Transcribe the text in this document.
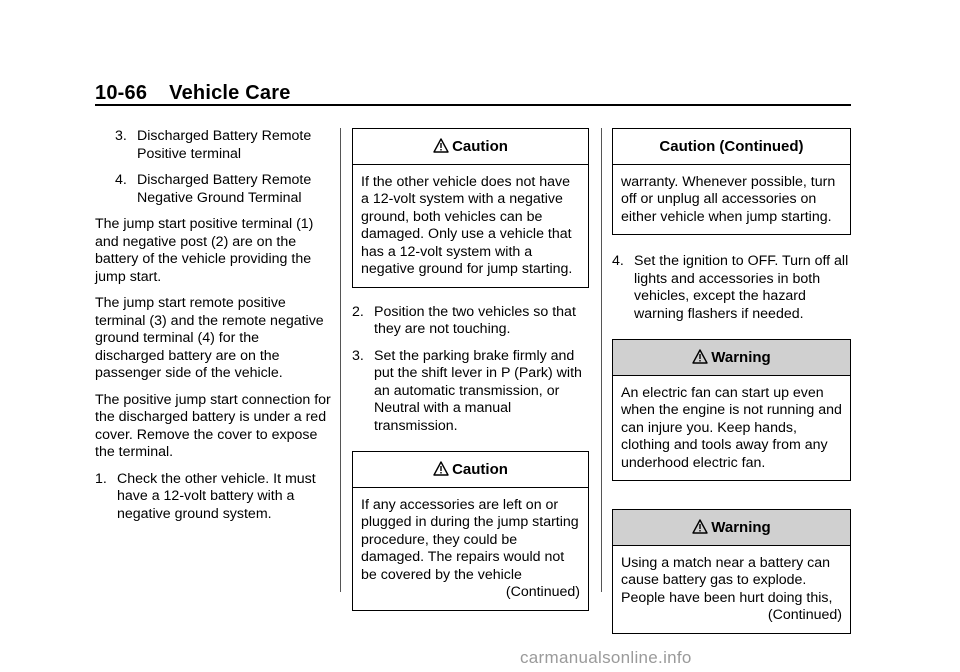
10-66 Vehicle Care
3. Discharged Battery Remote Positive terminal
4. Discharged Battery Remote Negative Ground Terminal

The jump start positive terminal (1) and negative post (2) are on the battery of the vehicle providing the jump start.

The jump start remote positive terminal (3) and the remote negative ground terminal (4) for the discharged battery are on the passenger side of the vehicle.

The positive jump start connection for the discharged battery is under a red cover. Remove the cover to expose the terminal.

1. Check the other vehicle. It must have a 12-volt battery with a negative ground system.
Caution
If the other vehicle does not have a 12-volt system with a negative ground, both vehicles can be damaged. Only use a vehicle that has a 12-volt system with a negative ground for jump starting.
2. Position the two vehicles so that they are not touching.
3. Set the parking brake firmly and put the shift lever in P (Park) with an automatic transmission, or Neutral with a manual transmission.
Caution
If any accessories are left on or plugged in during the jump starting procedure, they could be damaged. The repairs would not be covered by the vehicle
(Continued)
Caution (Continued)
warranty. Whenever possible, turn off or unplug all accessories on either vehicle when jump starting.
4. Set the ignition to OFF. Turn off all lights and accessories in both vehicles, except the hazard warning flashers if needed.
Warning
An electric fan can start up even when the engine is not running and can injure you. Keep hands, clothing and tools away from any underhood electric fan.
Warning
Using a match near a battery can cause battery gas to explode. People have been hurt doing this,
(Continued)
carmanualsonline.info
